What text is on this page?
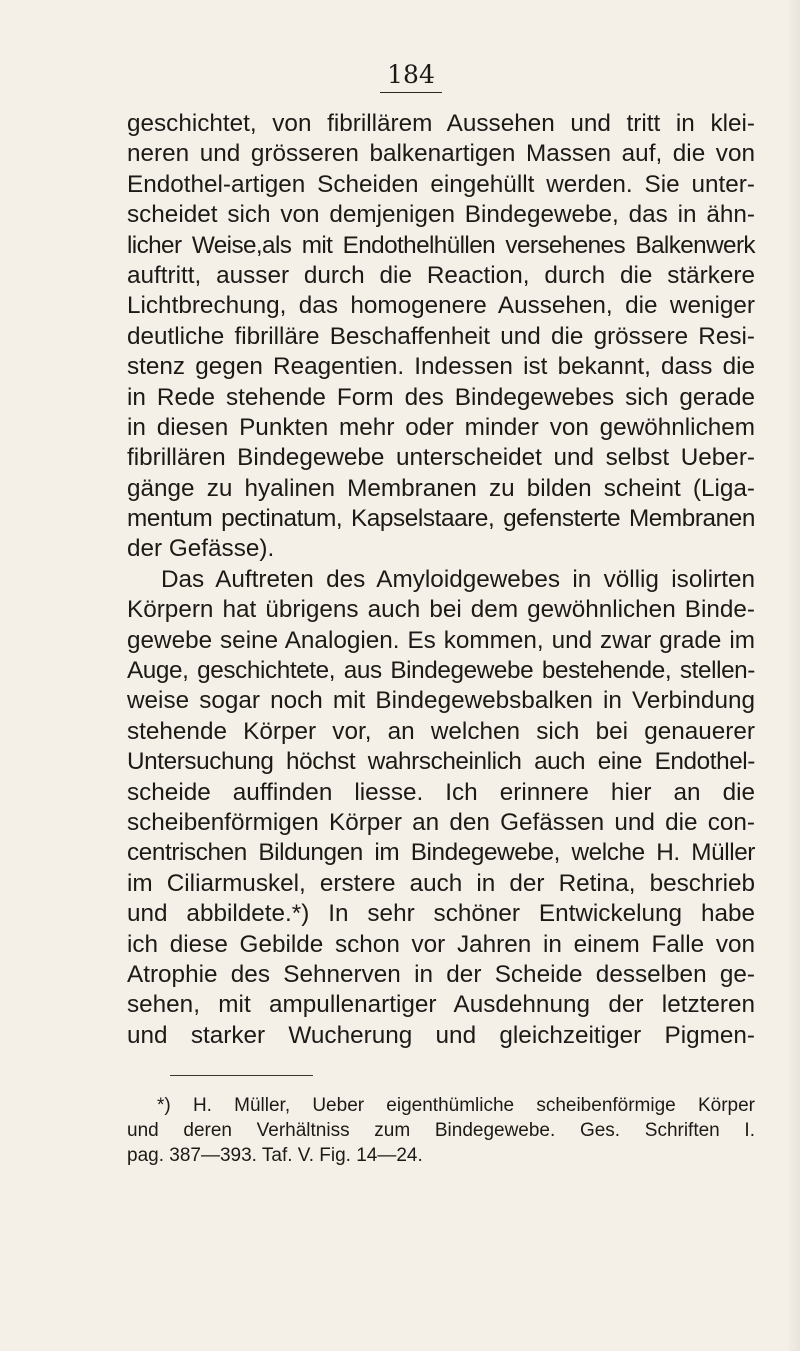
184
geschichtet, von fibrillärem Aussehen und tritt in klei-
neren und grösseren balkenartigen Massen auf, die von
Endothel-artigen Scheiden eingehüllt werden. Sie unter-
scheidet sich von demjenigen Bindegewebe, das in ähn-
licher Weise,als mit Endothelhüllen versehenes Balkenwerk
auftritt, ausser durch die Reaction, durch die stärkere
Lichtbrechung, das homogenere Aussehen, die weniger
deutliche fibrilläre Beschaffenheit und die grössere Resi-
stenz gegen Reagentien. Indessen ist bekannt, dass die
in Rede stehende Form des Bindegewebes sich gerade
in diesen Punkten mehr oder minder von gewöhnlichem
fibrillären Bindegewebe unterscheidet und selbst Ueber-
gänge zu hyalinen Membranen zu bilden scheint (Liga-
mentum pectinatum, Kapselstaare, gefensterte Membranen
der Gefässe).
Das Auftreten des Amyloidgewebes in völlig isolirten
Körpern hat übrigens auch bei dem gewöhnlichen Binde-
gewebe seine Analogien. Es kommen, und zwar grade im
Auge, geschichtete, aus Bindegewebe bestehende, stellen-
weise sogar noch mit Bindegewebsbalken in Verbindung
stehende Körper vor, an welchen sich bei genauerer
Untersuchung höchst wahrscheinlich auch eine Endothel-
scheide auffinden liesse. Ich erinnere hier an die
scheibenförmigen Körper an den Gefässen und die con-
centrischen Bildungen im Bindegewebe, welche H. Müller
im Ciliarmuskel, erstere auch in der Retina, beschrieb
und abbildete.*) In sehr schöner Entwickelung habe
ich diese Gebilde schon vor Jahren in einem Falle von
Atrophie des Sehnerven in der Scheide desselben ge-
sehen, mit ampullenartiger Ausdehnung der letzteren
und starker Wucherung und gleichzeitiger Pigmen-
*) H. Müller, Ueber eigenthümliche scheibenförmige Körper
und deren Verhältniss zum Bindegewebe. Ges. Schriften I.
pag. 387—393. Taf. V. Fig. 14—24.
